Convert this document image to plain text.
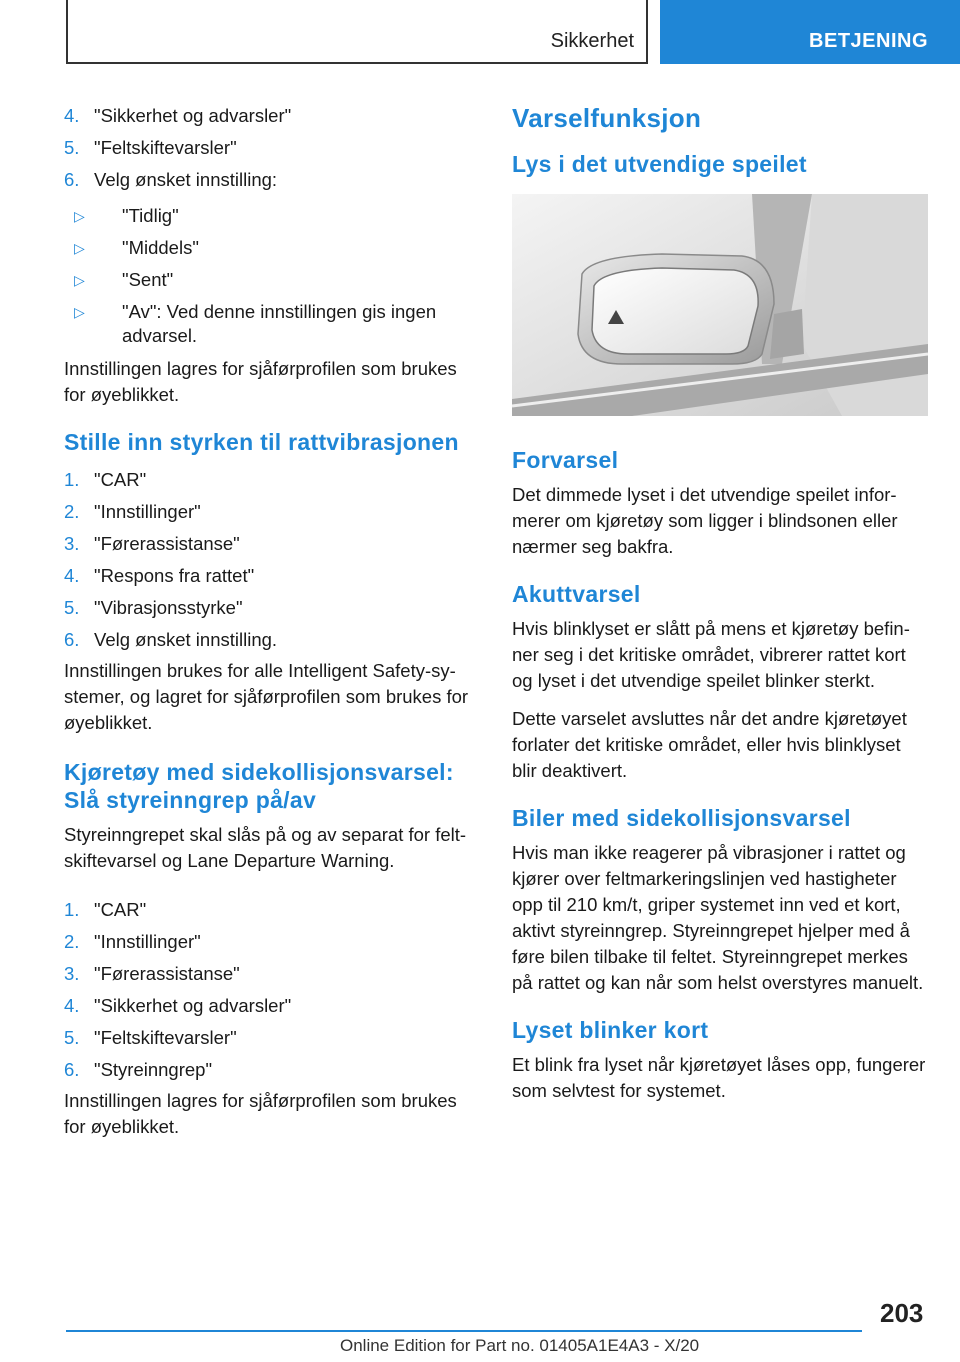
Sikkerhet	BETJENING
4. "Sikkerhet og advarsler"
5. "Feltskiftevarsler"
6. Velg ønsket innstilling:
▷ "Tidlig"
▷ "Middels"
▷ "Sent"
▷ "Av": Ved denne innstillingen gis ingen advarsel.

Innstillingen lagres for sjåførprofilen som brukes for øyeblikket.

Stille inn styrken til rattvibrasjonen
1. "CAR"
2. "Innstillinger"
3. "Førerassistanse"
4. "Respons fra rattet"
5. "Vibrasjonsstyrke"
6. Velg ønsket innstilling.

Innstillingen brukes for alle Intelligent Safety-systemer, og lagret for sjåførprofilen som brukes for øyeblikket.

Kjøretøy med sidekollisjonsvarsel: Slå styreinngrep på/av

Styreinngrepet skal slås på og av separat for feltskiftevarsel og Lane Departure Warning.

1. "CAR"
2. "Innstillinger"
3. "Førerassistanse"
4. "Sikkerhet og advarsler"
5. "Feltskiftevarsler"
6. "Styreinngrep"

Innstillingen lagres for sjåførprofilen som brukes for øyeblikket.

Varselfunksjon
Lys i det utvendige speilet
Forvarsel

Det dimmede lyset i det utvendige speilet informerer om kjøretøy som ligger i blindsonen eller nærmer seg bakfra.

Akuttvarsel

Hvis blinklyset er slått på mens et kjøretøy befinner seg i det kritiske området, vibrerer rattet kort og lyset i det utvendige speilet blinker sterkt.

Dette varselet avsluttes når det andre kjøretøyet forlater det kritiske området, eller hvis blinklyset blir deaktivert.

Biler med sidekollisjonsvarsel

Hvis man ikke reagerer på vibrasjoner i rattet og kjører over feltmarkeringslinjen ved hastigheter opp til 210 km/t, griper systemet inn ved et kort, aktivt styreinngrep. Styreinngrepet hjelper med å føre bilen tilbake til feltet. Styreinngrepet merkes på rattet og kan når som helst overstyres manuelt.

Lyset blinker kort

Et blink fra lyset når kjøretøyet låses opp, fungerer som selvtest for systemet.

203
Online Edition for Part no. 01405A1E4A3 - X/20
